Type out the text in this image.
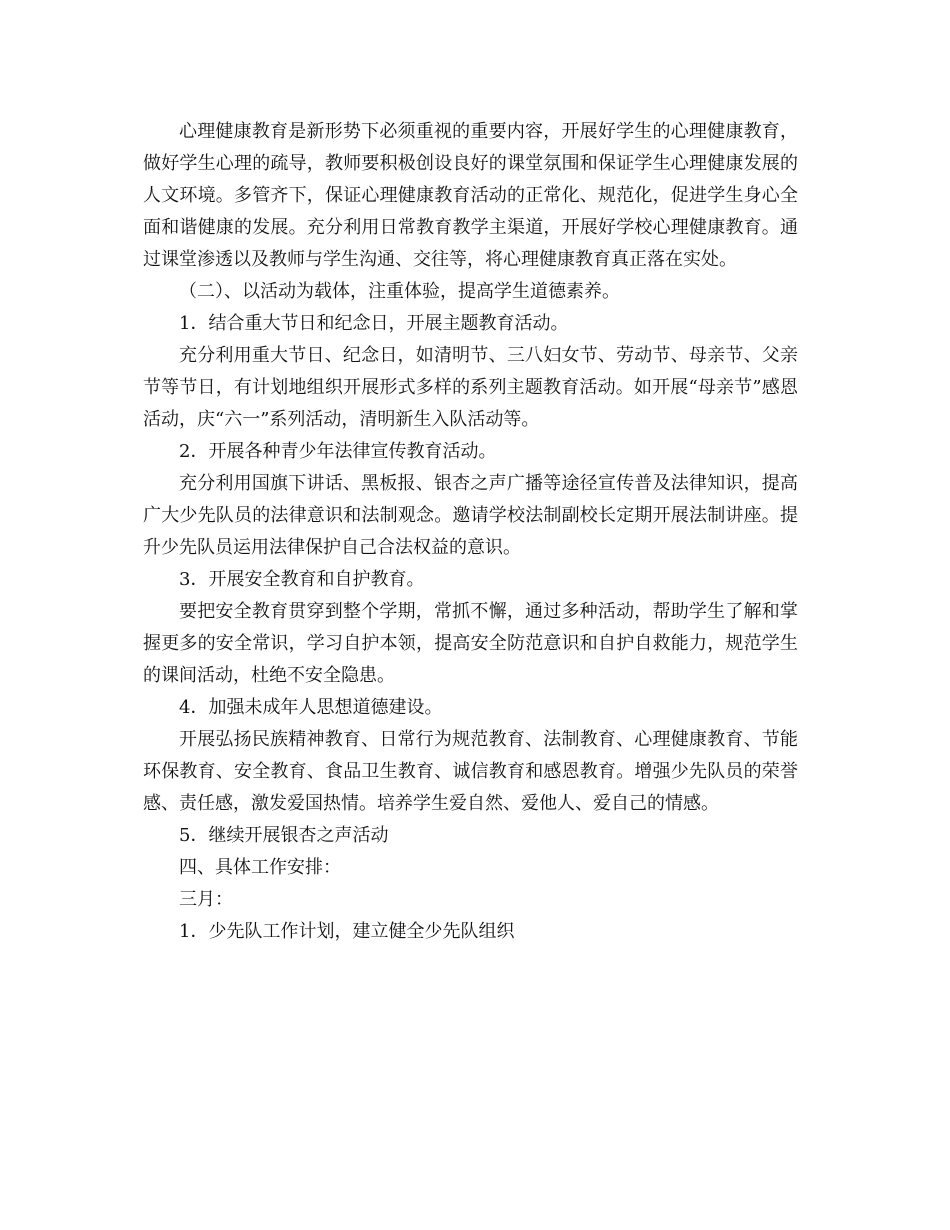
心理健康教育是新形势下必须重视的重要内容，开展好学生的心理健康教育，做好学生心理的疏导，教师要积极创设良好的课堂氛围和保证学生心理健康发展的人文环境。多管齐下，保证心理健康教育活动的正常化、规范化，促进学生身心全面和谐健康的发展。充分利用日常教育教学主渠道，开展好学校心理健康教育。通过课堂渗透以及教师与学生沟通、交往等，将心理健康教育真正落在实处。

（二）、以活动为载体，注重体验，提高学生道德素养。

1．结合重大节日和纪念日，开展主题教育活动。

充分利用重大节日、纪念日，如清明节、三八妇女节、劳动节、母亲节、父亲节等节日，有计划地组织开展形式多样的系列主题教育活动。如开展“母亲节”感恩活动，庆“六一”系列活动，清明新生入队活动等。

2．开展各种青少年法律宣传教育活动。

充分利用国旗下讲话、黑板报、银杏之声广播等途径宣传普及法律知识，提高广大少先队员的法律意识和法制观念。邀请学校法制副校长定期开展法制讲座。提升少先队员运用法律保护自己合法权益的意识。

3．开展安全教育和自护教育。

要把安全教育贯穿到整个学期，常抓不懈，通过多种活动，帮助学生了解和掌握更多的安全常识，学习自护本领，提高安全防范意识和自护自救能力，规范学生的课间活动，杜绝不安全隐患。

4．加强未成年人思想道德建设。

开展弘扬民族精神教育、日常行为规范教育、法制教育、心理健康教育、节能环保教育、安全教育、食品卫生教育、诚信教育和感恩教育。增强少先队员的荣誉感、责任感，激发爱国热情。培养学生爱自然、爱他人、爱自己的情感。

5．继续开展银杏之声活动

四、具体工作安排：

三月：

1．少先队工作计划，建立健全少先队组织
